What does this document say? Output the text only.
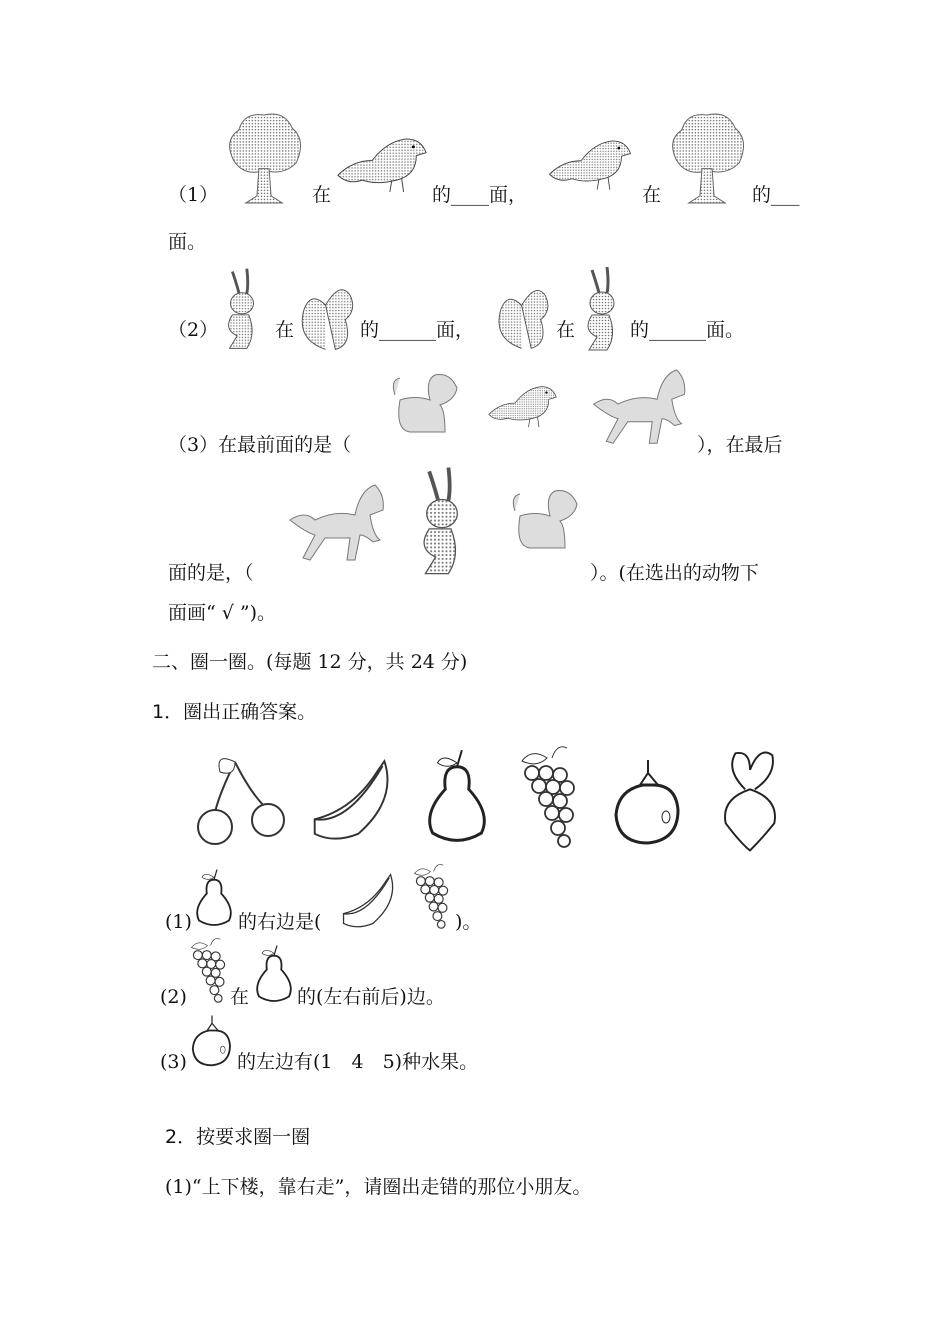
（1）	在	的____面，	在	的___
面。
（2）	在	的______面，	在	的______面。
（3）在最前面的是（	），在最后
面的是，（	）。(在选出的动物下
面画“ √ ”)。
二、圈一圈。(每题 12 分，共 24 分)
1．圈出正确答案。
(1) 的右边是(	)。
(2) 在	的(左右前后)边。
(3)	的左边有(1　4　5)种水果。
2．按要求圈一圈
(1)“上下楼，靠右走”，请圈出走错的那位小朋友。
